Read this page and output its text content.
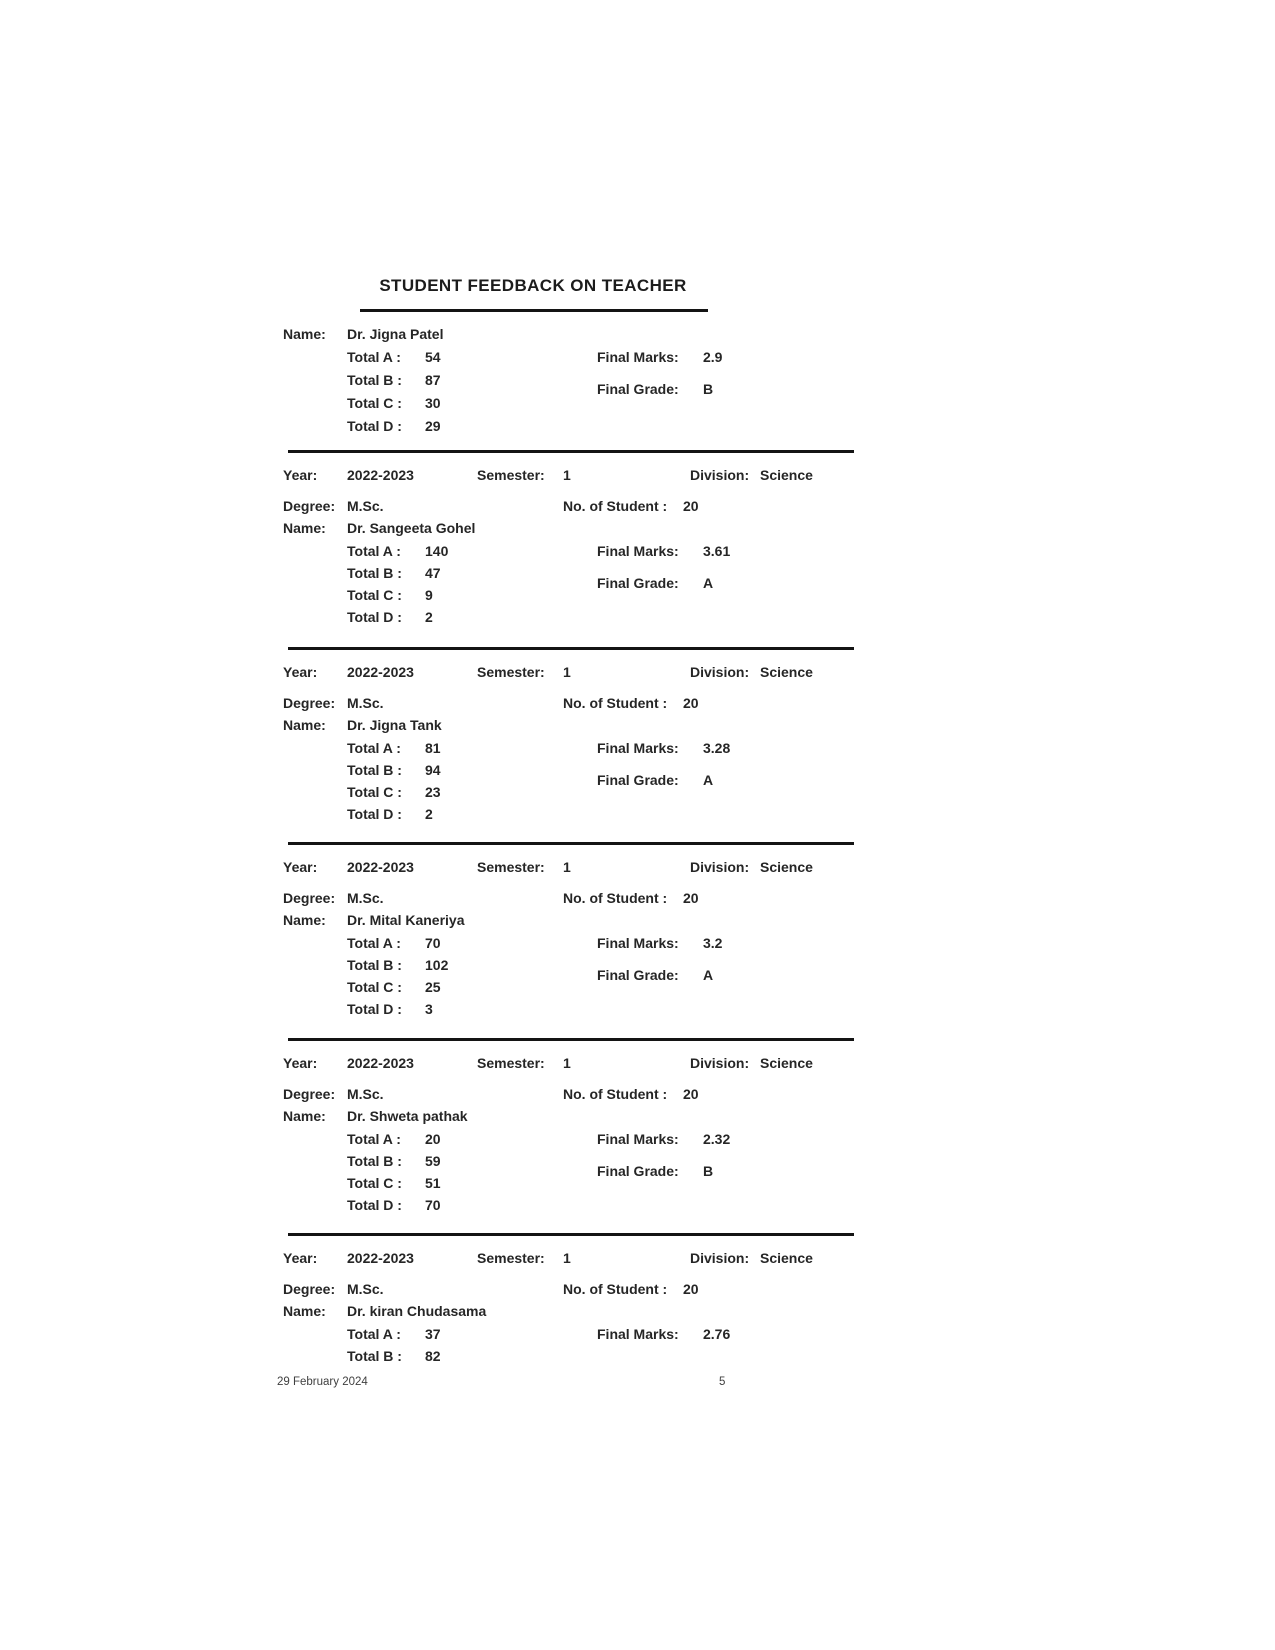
STUDENT FEEDBACK ON TEACHER
Name: Dr. Jigna Patel
Total A : 54
Total B : 87
Total C : 30
Total D : 29
Final Marks: 2.9
Final Grade: B
Year: 2022-2023	Semester: 1	Division: Science
Degree: M.Sc.	No. of Student : 20
Name: Dr. Sangeeta Gohel
Total A : 140
Total B : 47
Total C : 9
Total D : 2
Final Marks: 3.61
Final Grade: A
Year: 2022-2023	Semester: 1	Division: Science
Degree: M.Sc.	No. of Student : 20
Name: Dr. Jigna Tank
Total A : 81
Total B : 94
Total C : 23
Total D : 2
Final Marks: 3.28
Final Grade: A
Year: 2022-2023	Semester: 1	Division: Science
Degree: M.Sc.	No. of Student : 20
Name: Dr. Mital Kaneriya
Total A : 70
Total B : 102
Total C : 25
Total D : 3
Final Marks: 3.2
Final Grade: A
Year: 2022-2023	Semester: 1	Division: Science
Degree: M.Sc.	No. of Student : 20
Name: Dr. Shweta pathak
Total A : 20
Total B : 59
Total C : 51
Total D : 70
Final Marks: 2.32
Final Grade: B
Year: 2022-2023	Semester: 1	Division: Science
Degree: M.Sc.	No. of Student : 20
Name: Dr. kiran Chudasama
Total A : 37
Total B : 82
Final Marks: 2.76
29 February 2024	5
